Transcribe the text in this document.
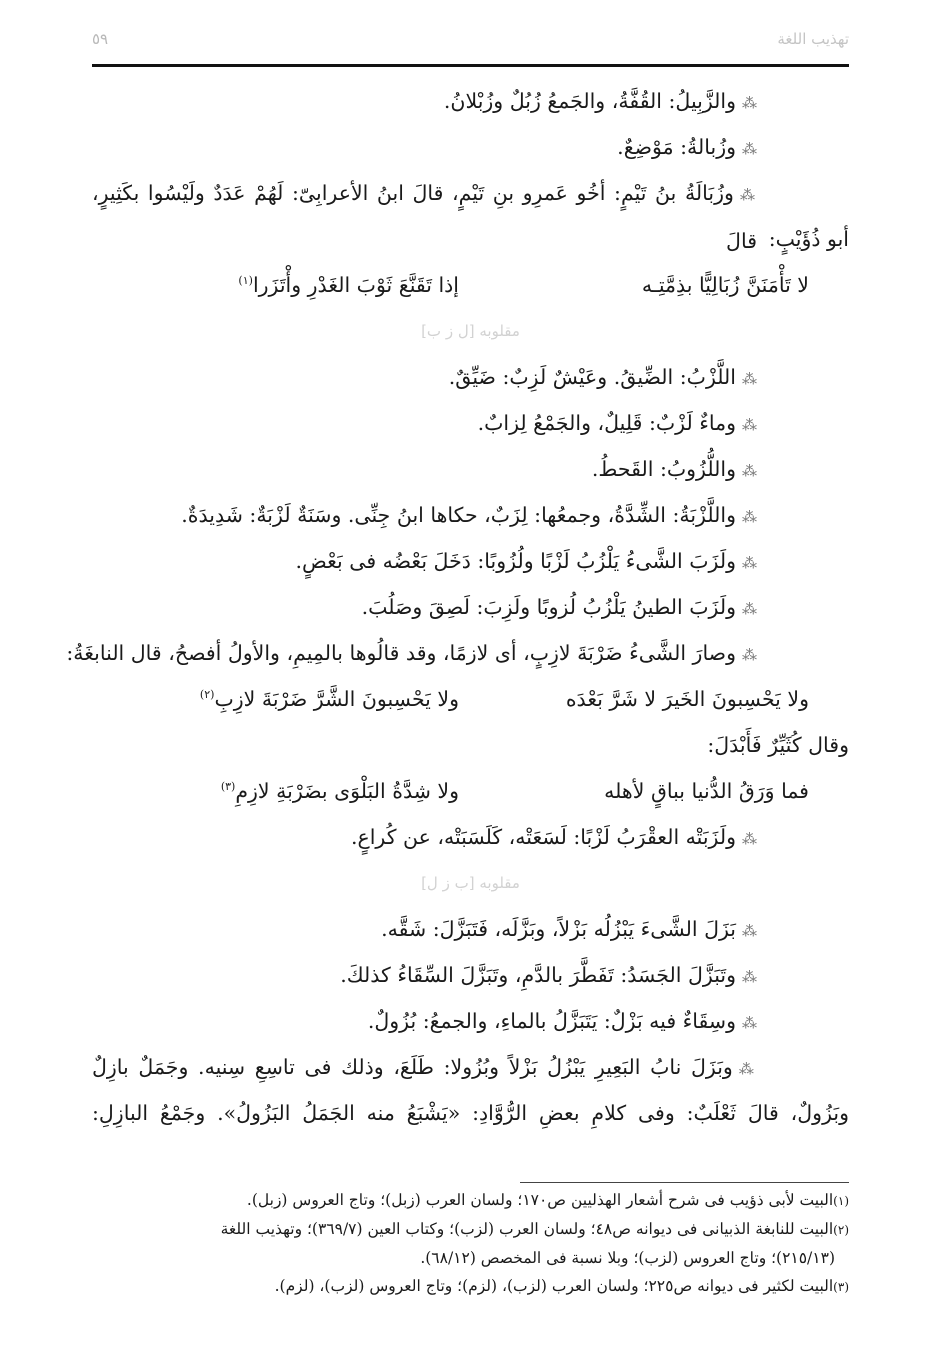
تهذيب اللغة
٥٩
⁂والزَّبِيلُ: القُفَّةُ، والجَمعُ زُبُلٌ وزُبْلانُ.
⁂وزُبالةُ: مَوْضِعٌ.
⁂وزُبَالَةُ بنُ تَيْمٍ: أخُو عَمرِو بنِ تَيْمٍ، قالَ ابنُ الأعرابِىّ: لَهُمْ عَدَدٌ ولَيْسُوا بكَثِيرٍ، قالَ أبو ذُؤَيْبٍ:
لا تَأْمَنَنَّ زُبَالِيًّا بذِمَّتِـه
إذا تَقَنَّعَ ثَوْبَ الغَدْرِ وأْتَزَرا$^{(١)}$
مقلوبه [ل ز ب]
⁂اللَّزْبُ: الضِّيقُ. وعَيْشٌ لَزِبٌ: ضَيِّقٌ.
⁂وماءٌ لَزْبٌ: قَلِيلٌ، والجَمْعُ لِزابٌ.
⁂واللُّزُوبُ: القَحطُ.
⁂واللَّزْبَةُ: الشِّدَّةُ، وجمعُها: لِزَبٌ، حكاها ابنُ جِنِّى. وسَنَةٌ لَزْبَةٌ: شَدِيدَةٌ.
⁂ولَزَبَ الشَّىءُ يَلْزُبُ لَزْبًا ولُزُوبًا: دَخَلَ بَعْضُه فى بَعْضٍ.
⁂ولَزَبَ الطينُ يَلْزُبُ لُزوبًا ولَزِبَ: لَصِقَ وصَلُبَ.
⁂وصارَ الشَّىءُ ضَرْبَةَ لازِبٍ، أى لازمًا، وقد قالُوها بالمِيمِ، والأولُ أفصحُ، قال النابغَةُ:
ولا يَحْسِبونَ الخَيرَ لا شَرَّ بَعْدَه
ولا يَحْسِبونَ الشَّرَّ ضَرْبَةَ لازِبِ$^{(٢)}$
وقال كُثَيِّرٌ فَأَبْدَلَ:
فما وَرَقُ الدُّنيا بباقٍ لأهله
ولا شِدَّةُ البَلْوَى بضَرْبَةِ لازِمِ$^{(٣)}$
⁂ولَزَبَتْه العقْرَبُ لَزْبًا: لَسَعَتْه، كَلَسَبَتْه، عن كُراعٍ.
مقلوبه [ب ز ل]
⁂بَزَلَ الشَّىءَ يَبْزُلُه بَزْلاً، وبَزَّلَه، فَتَبَزَّلَ: شَقَّه.
⁂وتَبَزَّلَ الجَسَدُ: تَفَطَّرَ بالدَّمِ، وتَبَزَّلَ السِّقَاءُ كذلكَ.
⁂وسِقَاءٌ فيه بَزْلٌ: يَتَبَزَّلُ بالماءِ، والجمعُ: بُزُولٌ.
⁂وبَزَلَ نابُ البَعِيرِ يَبْزُلُ بَزْلاً وبُزُولا: طَلَعَ، وذلك فى تاسِعِ سِنيه. وجَمَلٌ بازِلٌ
وبَزُولٌ، قالَ ثَعْلَبٌ: وفى كلامِ بعضِ الرُّوَّادِ: «يَشْبَعُ منه الجَمَلُ البَزُولُ». وجَمْعُ البازِلِ:
(١)البيت لأبى ذؤيب فى شرح أشعار الهذليين ص١٧٠؛ ولسان العرب (زبل)؛ وتاج العروس (زبل).
(٢)البيت للنابغة الذبيانى فى ديوانه ص٤٨؛ ولسان العرب (لزب)؛ وكتاب العين (٣٦٩/٧)؛ وتهذيب اللغة
(٢١٥/١٣)؛ وتاج العروس (لزب)؛ وبلا نسبة فى المخصص (٦٨/١٢).
(٣)البيت لكثير فى ديوانه ص٢٢٥؛ ولسان العرب (لزب)، (لزم)؛ وتاج العروس (لزب)، (لزم).
